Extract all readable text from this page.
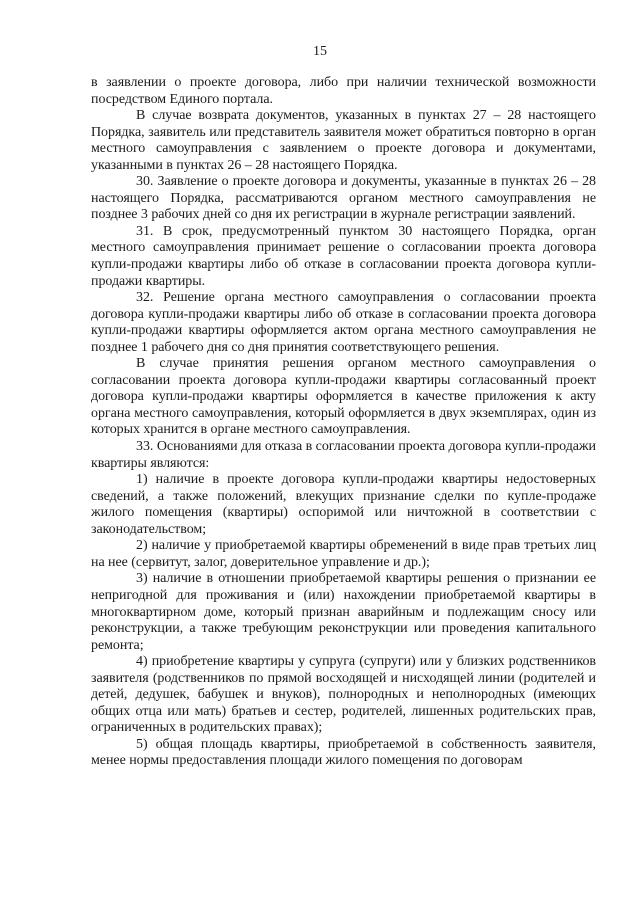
15

в заявлении о проекте договора, либо при наличии технической возможности посредством Единого портала.

В случае возврата документов, указанных в пунктах 27 – 28 настоящего Порядка, заявитель или представитель заявителя может обратиться повторно в орган местного самоуправления с заявлением о проекте договора и документами, указанными в пунктах 26 – 28 настоящего Порядка.

30. Заявление о проекте договора и документы, указанные в пунктах 26 – 28 настоящего Порядка, рассматриваются органом местного самоуправления не позднее 3 рабочих дней со дня их регистрации в журнале регистрации заявлений.

31. В срок, предусмотренный пунктом 30 настоящего Порядка, орган местного самоуправления принимает решение о согласовании проекта договора купли-продажи квартиры либо об отказе в согласовании проекта договора купли-продажи квартиры.

32. Решение органа местного самоуправления о согласовании проекта договора купли-продажи квартиры либо об отказе в согласовании проекта договора купли-продажи квартиры оформляется актом органа местного самоуправления не позднее 1 рабочего дня со дня принятия соответствующего решения.

В случае принятия решения органом местного самоуправления о согласовании проекта договора купли-продажи квартиры согласованный проект договора купли-продажи квартиры оформляется в качестве приложения к акту органа местного самоуправления, который оформляется в двух экземплярах, один из которых хранится в органе местного самоуправления.

33. Основаниями для отказа в согласовании проекта договора купли-продажи квартиры являются:

1) наличие в проекте договора купли-продажи квартиры недостоверных сведений, а также положений, влекущих признание сделки по купле-продаже жилого помещения (квартиры) оспоримой или ничтожной в соответствии с законодательством;

2) наличие у приобретаемой квартиры обременений в виде прав третьих лиц на нее (сервитут, залог, доверительное управление и др.);

3) наличие в отношении приобретаемой квартиры решения о признании ее непригодной для проживания и (или) нахождении приобретаемой квартиры в многоквартирном доме, который признан аварийным и подлежащим сносу или реконструкции, а также требующим реконструкции или проведения капитального ремонта;

4) приобретение квартиры у супруга (супруги) или у близких родственников заявителя (родственников по прямой восходящей и нисходящей линии (родителей и детей, дедушек, бабушек и внуков), полнородных и неполнородных (имеющих общих отца или мать) братьев и сестер, родителей, лишенных родительских прав, ограниченных в родительских правах);

5) общая площадь квартиры, приобретаемой в собственность заявителя, менее нормы предоставления площади жилого помещения по договорам
